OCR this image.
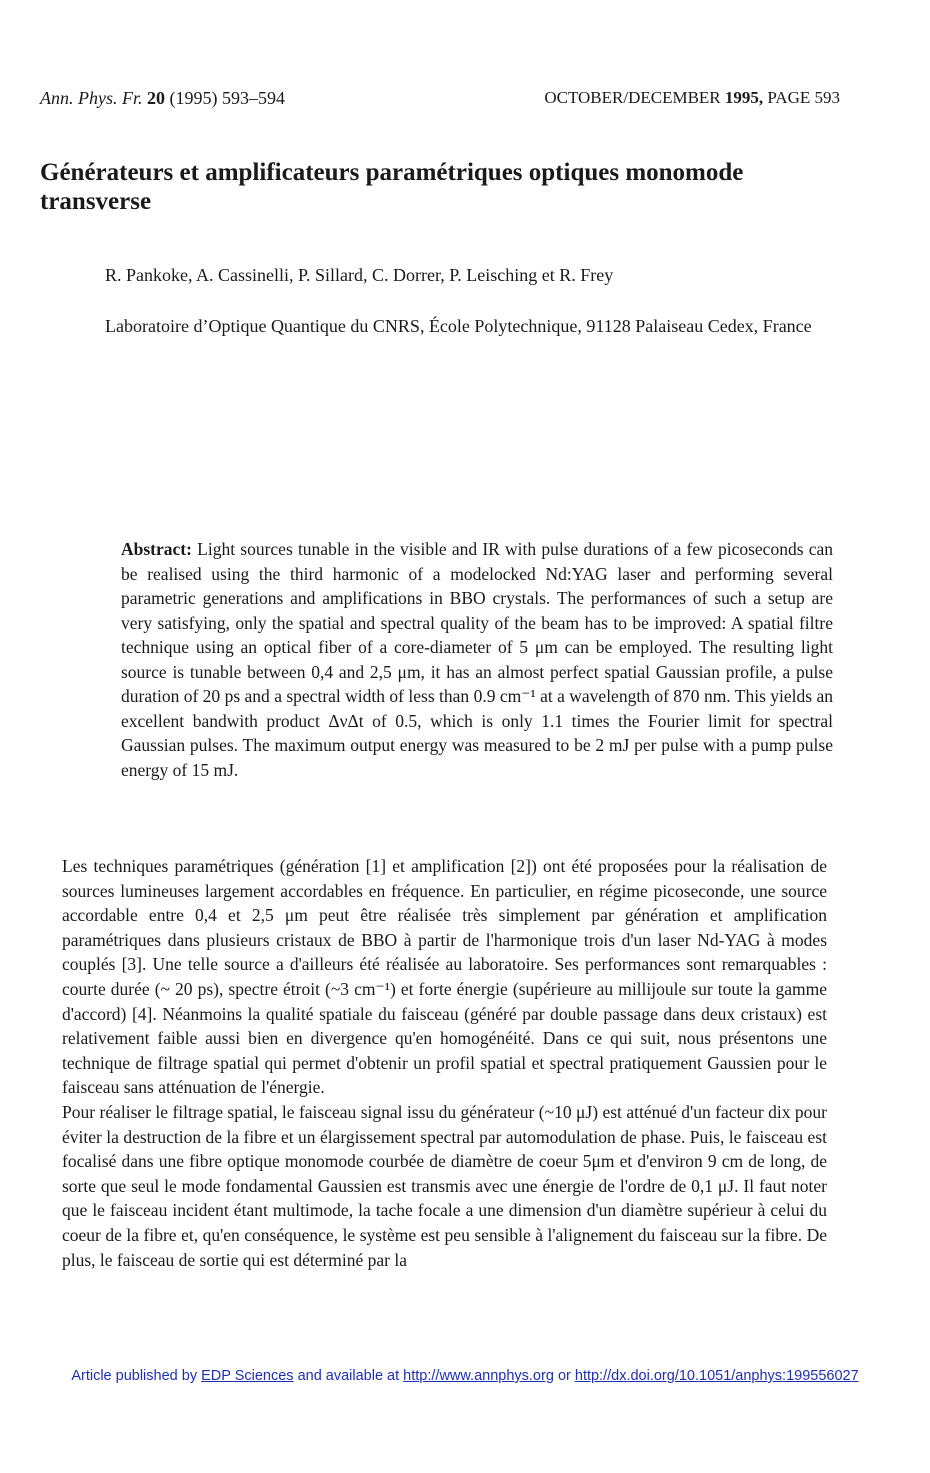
Ann. Phys. Fr. 20 (1995) 593–594	OCTOBER/DECEMBER 1995, PAGE 593
Générateurs et amplificateurs paramétriques optiques monomode transverse

R. Pankoke, A. Cassinelli, P. Sillard, C. Dorrer, P. Leisching et R. Frey

Laboratoire d’Optique Quantique du CNRS, École Polytechnique, 91128 Palaiseau Cedex, France

Abstract: Light sources tunable in the visible and IR with pulse durations of a few picoseconds can be realised using the third harmonic of a modelocked Nd:YAG laser and performing several parametric generations and amplifications in BBO crystals. The performances of such a setup are very satisfying, only the spatial and spectral quality of the beam has to be improved: A spatial filtre technique using an optical fiber of a core-diameter of 5 μm can be employed. The resulting light source is tunable between 0,4 and 2,5 μm, it has an almost perfect spatial Gaussian profile, a pulse duration of 20 ps and a spectral width of less than 0.9 cm⁻¹ at a wavelength of 870 nm. This yields an excellent bandwith product ΔνΔt of 0.5, which is only 1.1 times the Fourier limit for spectral Gaussian pulses. The maximum output energy was measured to be 2 mJ per pulse with a pump pulse energy of 15 mJ.

Les techniques paramétriques (génération [1] et amplification [2]) ont été proposées pour la réalisation de sources lumineuses largement accordables en fréquence. En particulier, en régime picoseconde, une source accordable entre 0,4 et 2,5 μm peut être réalisée très simplement par génération et amplification paramétriques dans plusieurs cristaux de BBO à partir de l'harmonique trois d'un laser Nd-YAG à modes couplés [3]. Une telle source a d'ailleurs été réalisée au laboratoire. Ses performances sont remarquables : courte durée (~ 20 ps), spectre étroit (~3 cm⁻¹) et forte énergie (supérieure au millijoule sur toute la gamme d'accord) [4]. Néanmoins la qualité spatiale du faisceau (généré par double passage dans deux cristaux) est relativement faible aussi bien en divergence qu'en homogénéité. Dans ce qui suit, nous présentons une technique de filtrage spatial qui permet d'obtenir un profil spatial et spectral pratiquement Gaussien pour le faisceau sans atténuation de l'énergie.

Pour réaliser le filtrage spatial, le faisceau signal issu du générateur (~10 μJ) est atténué d'un facteur dix pour éviter la destruction de la fibre et un élargissement spectral par automodulation de phase. Puis, le faisceau est focalisé dans une fibre optique monomode courbée de diamètre de coeur 5μm et d'environ 9 cm de long, de sorte que seul le mode fondamental Gaussien est transmis avec une énergie de l'ordre de 0,1 μJ. Il faut noter que le faisceau incident étant multimode, la tache focale a une dimension d'un diamètre supérieur à celui du coeur de la fibre et, qu'en conséquence, le système est peu sensible à l'alignement du faisceau sur la fibre. De plus, le faisceau de sortie qui est déterminé par la

Article published by EDP Sciences and available at http://www.annphys.org or http://dx.doi.org/10.1051/anphys:199556027
